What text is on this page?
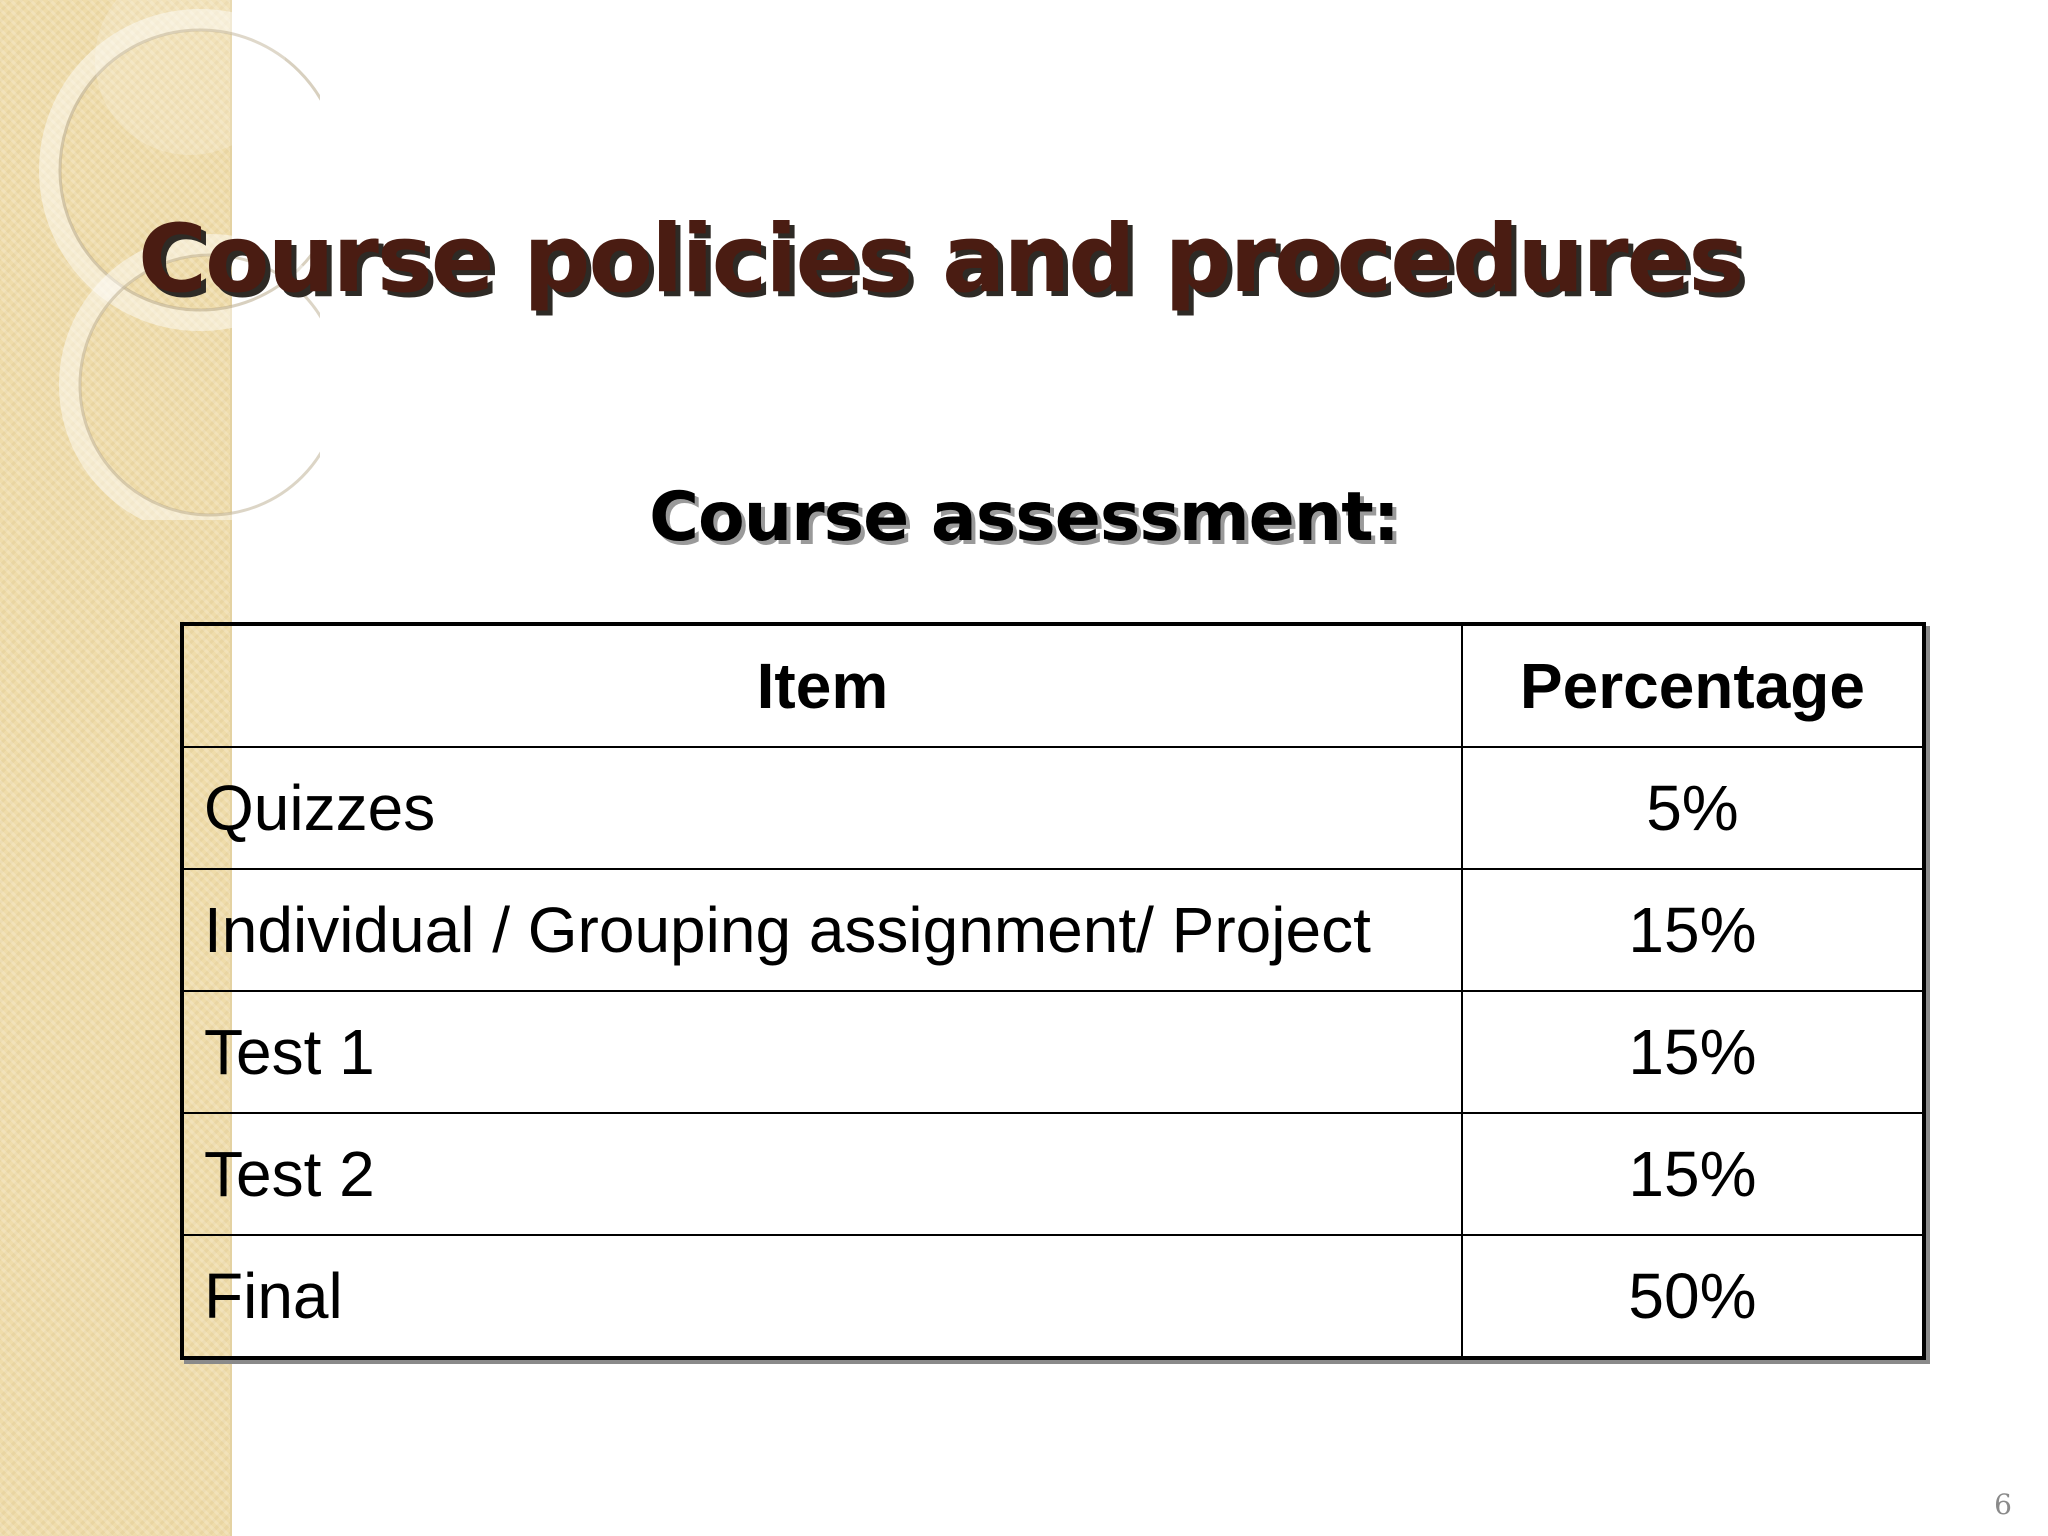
Course policies and procedures
Course assessment:
Item	Percentage
Quizzes	5%
Individual / Grouping assignment/ Project	15%
Test 1	15%
Test 2	15%
Final	50%
6
